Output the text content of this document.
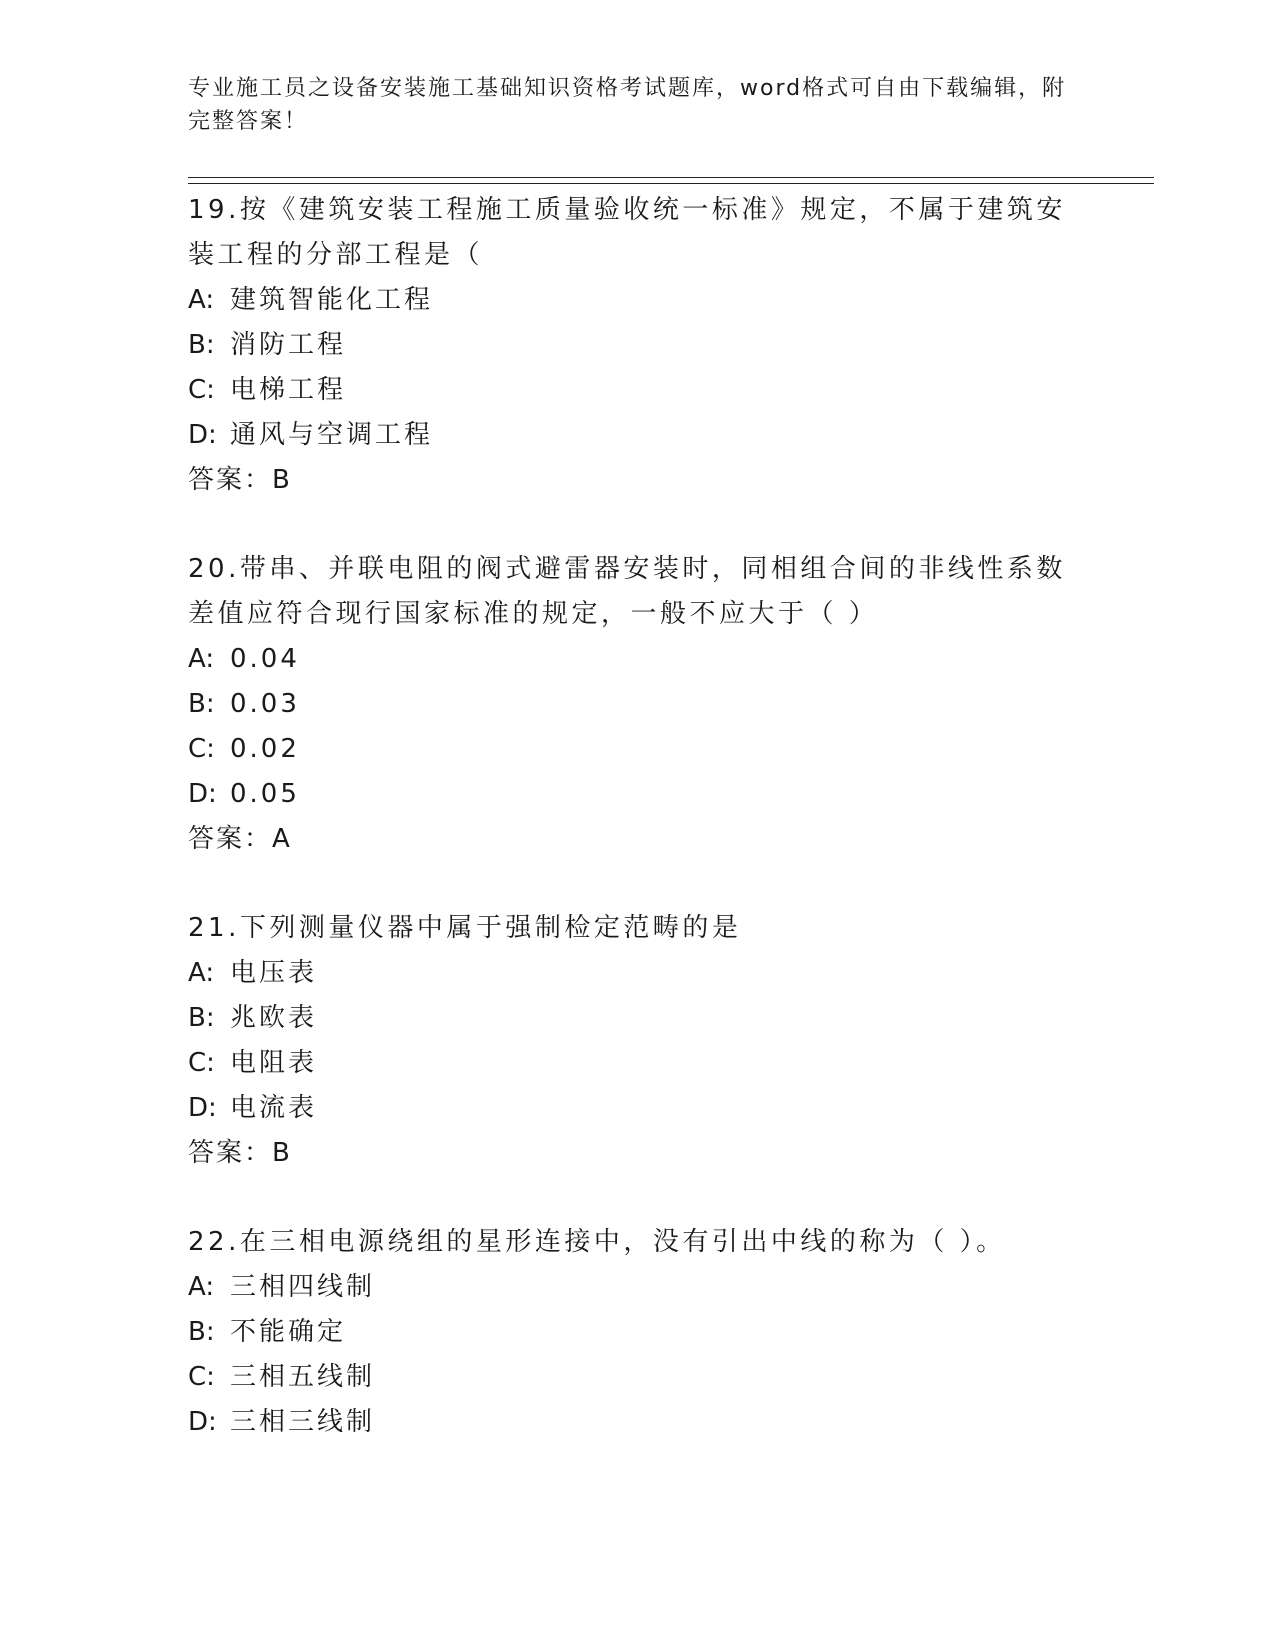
专业施工员之设备安装施工基础知识资格考试题库，word格式可自由下载编辑，附完整答案！
19.按《建筑安装工程施工质量验收统一标准》规定，不属于建筑安装工程的分部工程是（
A: 建筑智能化工程
B: 消防工程
C: 电梯工程
D: 通风与空调工程
答案：B
20.带串、并联电阻的阀式避雷器安装时，同相组合间的非线性系数差值应符合现行国家标准的规定，一般不应大于（ ）
A: 0.04
B: 0.03
C: 0.02
D: 0.05
答案：A
21.下列测量仪器中属于强制检定范畴的是
A: 电压表
B: 兆欧表
C: 电阻表
D: 电流表
答案：B
22.在三相电源绕组的星形连接中，没有引出中线的称为（ ）。
A: 三相四线制
B: 不能确定
C: 三相五线制
D: 三相三线制
